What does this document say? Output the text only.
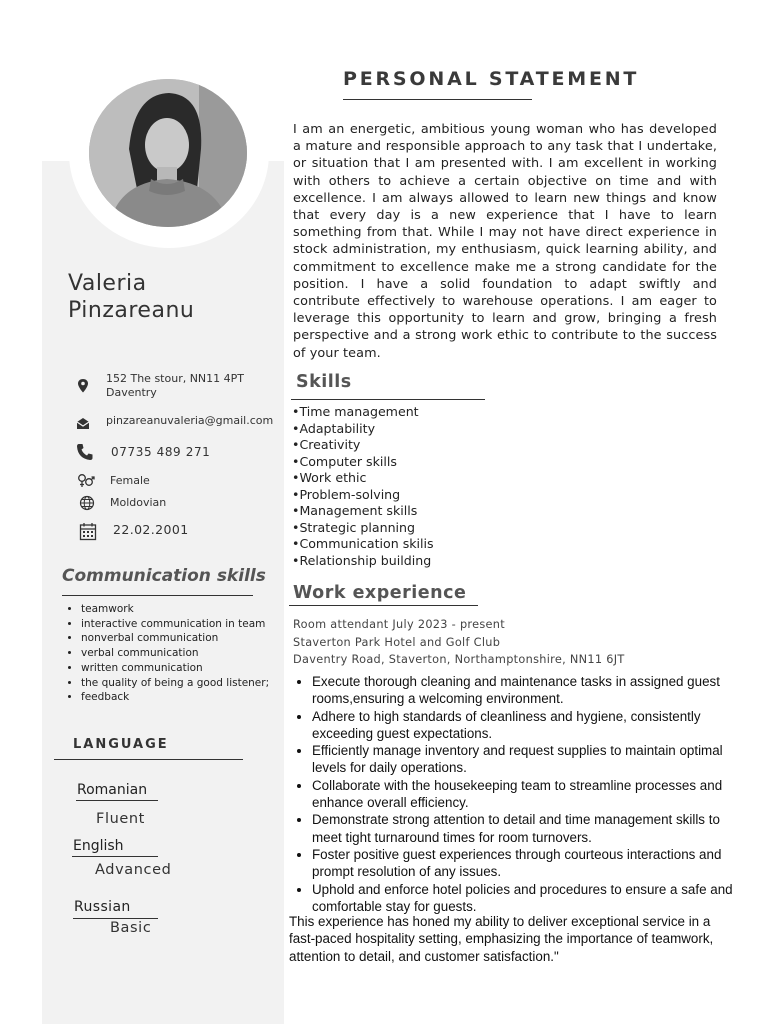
Valeria
Pinzareanu
152 The stour, NN11 4PT
Daventry
pinzareanuvaleria@gmail.com
07735 489 271
Female
Moldovian
22.02.2001
Communication skills
• teamwork
• interactive communication in team
• nonverbal communication
• verbal communication
• written communication
• the quality of being a good listener;
• feedback
LANGUAGE
Romanian
Fluent
English
Advanced
Russian
Basic
PERSONAL STATEMENT
I am an energetic, ambitious young woman who has developed a mature and responsible approach to any task that I undertake, or situation that I am presented with. I am excellent in working with others to achieve a certain objective on time and with excellence. I am always allowed to learn new things and know that every day is a new experience that I have to learn something from that. While I may not have direct experience in stock administration, my enthusiasm, quick learning ability, and commitment to excellence make me a strong candidate for the position. I have a solid foundation to adapt swiftly and contribute effectively to warehouse operations. I am eager to leverage this opportunity to learn and grow, bringing a fresh perspective and a strong work ethic to contribute to the success of your team.
Skills
• Time management
• Adaptability
• Creativity
• Computer skills
• Work ethic
• Problem-solving
• Management skills
• Strategic planning
• Communication skilis
• Relationship building
Work experience
Room attendant July 2023 - present
Staverton Park Hotel and Golf Club
Daventry Road, Staverton, Northamptonshire, NN11 6JT
• Execute thorough cleaning and maintenance tasks in assigned guest rooms,ensuring a welcoming environment.
• Adhere to high standards of cleanliness and hygiene, consistently exceeding guest expectations.
• Efficiently manage inventory and request supplies to maintain optimal levels for daily operations.
• Collaborate with the housekeeping team to streamline processes and enhance overall efficiency.
• Demonstrate strong attention to detail and time management skills to meet tight turnaround times for room turnovers.
• Foster positive guest experiences through courteous interactions and prompt resolution of any issues.
• Uphold and enforce hotel policies and procedures to ensure a safe and comfortable stay for guests.
This experience has honed my ability to deliver exceptional service in a fast-paced hospitality setting, emphasizing the importance of teamwork, attention to detail, and customer satisfaction."
